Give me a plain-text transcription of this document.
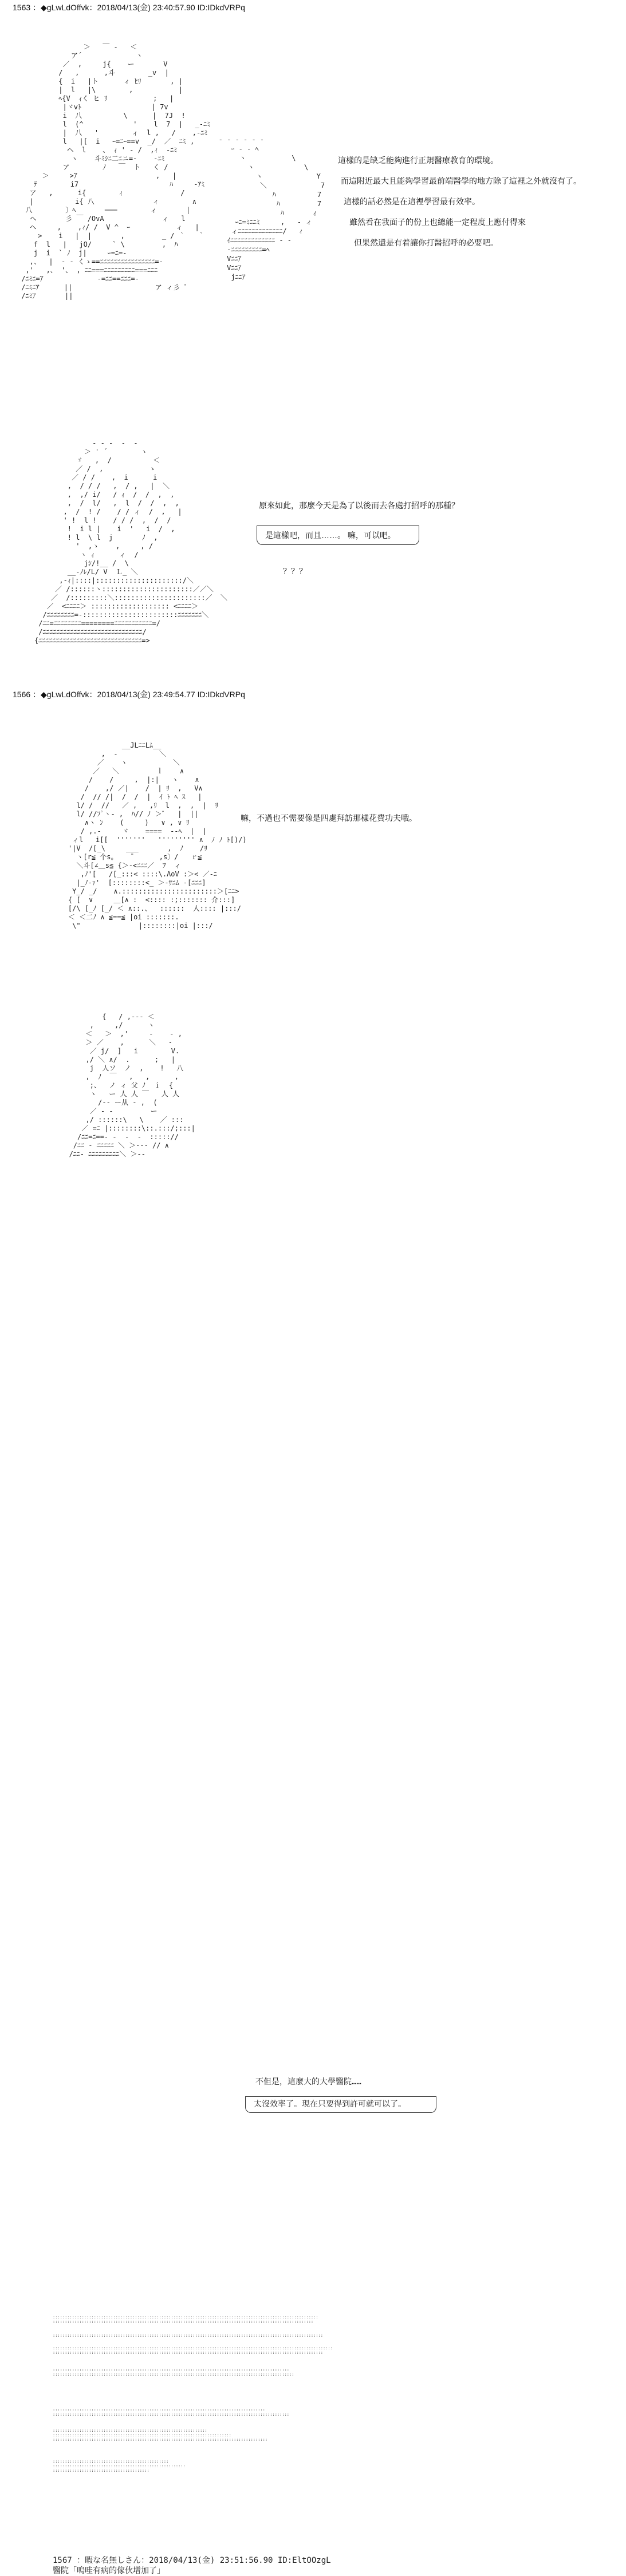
1563 ：◆gLwLdOffvk：2018/04/13(金) 23:40:57.90 ID:IDkdVRPq

＞   ￣ ‐   ＜
ア´             ヽ
／  ,     j{    ー       V
/   ,      ,斗        _v  |
{  i   |ト      ィ ﾋﾘ       , |
|  l   |\        ,           |
ﾍ{V  ｨく ヒ ﾘ           ;   |
|ヾvﾄ                 | 7v
i  八          \      |  7J  !
l  (^            '    l  7  |   _-ﾆﾐ
|  八   '        ィ  l ,   /    ,‐ﾆﾐ
l   |[  i   ｰ=ﾆｰ==v  _/  ／  ﾆﾐ ,
ヘ  l    、 ｨ ' ‐ /  ,ｨ  ‐ﾆﾐ
ヽ    斗ﾐｼﾆ二ﾆニ=‐    ‐ﾆﾐ
ア        ﾉ   ￣  ト   く /
＞     >ｱ                   ,   |
ﾃ        i7                      ﾊ     ‐ｱﾐ
ア   ,      i{        ｨ              /
|          i{ 八              ィ        ∧
八        〕ﾍ       ───        ィ       |
ヘ       彡 ￣ /OvA              ィ   l
ヘ     ,    ,ｨ/ /  V ^  ｰ           ィ   |
>    i   |  |       ,         _ / ｀   ｀
f  l   |   jO/     ` \         ,  ﾊ
j  i  ` ﾉ  j|     ｰ=ﾆ=‐
,、  |  ‐ ‐ くゝ==ﾆﾆﾆﾆﾆﾆﾆﾆﾆﾆﾆﾆﾆﾆﾆﾆ=‐
,'   ,、 '、 , ﾆﾆ===ﾆﾆﾆﾆﾆﾆﾆﾆﾆ===ﾆﾆﾆ
/ﾆﾐﾆ=ｱ             ‐=ﾆﾆ==ﾆﾆﾆ=‐
/ﾆﾐﾆｱ      ||                    ア ィ彡 ﾞ
/ﾆﾐｱ       ||

‐ ‐ ‐ ‐ ‐ ‐
ｰ ‐ ‐ ﾍ
ヽ           \
ヽ            \
ヽ             Y
＼             7
ﾊ          7
ﾊ         7
ﾊ       ｨ
ｰﾆ=ﾐﾆﾆﾐ     ,   ‐ ィ
ィﾆﾆﾆﾆﾆﾆﾆﾆﾆﾆﾆﾆﾆ/   ｨ
ｲﾆﾆﾆﾆﾆﾆﾆﾆﾆﾆﾆﾆﾆ ‐ ‐
‐ﾆﾆﾆﾆﾆﾆﾆﾆﾆ=ﾍ
Vﾆﾆｱ
Vﾆﾆｱ
jﾆﾆｱ

這樣的是缺乏能夠進行正規醫療教育的環境。
而這附近最大且能夠學習最前端醫學的地方除了這裡之外就沒有了。
這樣的話必然是在這裡學習最有效率。
雖然看在我面子的份上也總能一定程度上應付得來
但果然還是有着讓你打醫招呼的必要吧。

‐ ‐ ‐  ‐  ‐
＞ ' ´        ヽ
ゞ   ,  /          ＜
／ /  ,           ゝ
／ / /    ,  i      i
,  / / /   ,  / ,   |  ＼
,  ,/ i/   / ｨ  /  /  ,  ,
,  /  l/   ,  l  /  /  ,  ,
,  /  ! /    / / ィ  /  ,   |
' !  l !    / / /  ,  /  /
!  i l |    i  '   i  /  ,
! l  \ l  j       ﾉ  ,
'  ,ゝ    ,     , /
ヽ ｨ      ィ  /
jｼ/!__ /  \
__‐ﾉﾚ/L/ V  Ｌ_ ＼
,-ｨ|::::|:::::::::::::::::::::/＼
／ /::::::ヽ::::::::::::::::::::::／／＼
／  /:::::::::＼::::::::::::::::::::::／  ＼
／  <ﾆﾆﾆﾆ＞ ::::::::::::::::::: <ﾆﾆﾆﾆ＞
/ﾆﾆﾆﾆﾆﾆﾆﾆ=‐:::::::::::::::::::::::ﾆﾆﾆﾆﾆﾆﾆ＼
/ﾆﾆ=ﾆﾆﾆﾆﾆﾆﾆﾆ========ﾆﾆﾆﾆﾆﾆﾆﾆﾆﾆﾆ=/
/ﾆﾆﾆﾆﾆﾆﾆﾆﾆﾆﾆﾆﾆﾆﾆﾆﾆﾆﾆﾆﾆﾆﾆﾆﾆﾆﾆﾆﾆ/
{ﾆﾆﾆﾆﾆﾆﾆﾆﾆﾆﾆﾆﾆﾆﾆﾆﾆﾆﾆﾆﾆﾆﾆﾆﾆﾆﾆﾆﾆﾆ=>

原來如此，那麼今天是為了以後而去各處打招呼的那種？
是這樣吧，而且……。 嘛，可以吧。
？？？
1566 ：◆gLwLdOffvk：2018/04/13(金) 23:49:54.77 ID:IDkdVRPq

__JLﾆﾆLﾑ__
,  ‐          ＼
／    ヽ           ＼
／   ＼         ｌ    ∧
/    /     ,  |:|   ヽ    ∧
/    ,/ ／|    /  | ﾘ  ,   V∧
/  // /|  /  /  |  ｲ ﾄ ﾍ ｽ   |
l/ /  //   ／ ,   ,ﾘ  l  ,  ,  |  ﾘ
l/ //ﾌﾟヽ‐ ,  ﾊ// ﾉ ＞ﾞ   |  ||
∧ヽ ﾝ    (     )   ∨ , ∨ ﾘ
/ ,.‐     ヾ    ====  ‐‐ﾍ  |  |
ィl   i[[  '''''''   ''''''''' ∧  ﾉ ﾉ ﾄ[)/)
'|V  /[_\     ___       ,  ﾉ    /ﾘ
ヽ[r≦ 个s。   ̄       ,s〕/   ｒ≦
＼斗[∠＿s≦ {＞‐<ﾆﾆﾆ／  ﾌ  ィ
,ﾉ'[   /[_:::< ::::\.ΛoV :＞< ／‐ﾆ
|_ﾉ‐ｧ'  [::::::::<_ ＞‐ｻﾆﾑ ‐[ﾆﾆﾆ]
Y_/ _/    ∧.:::::::::::::::::::::::＞[ﾆﾆ>
{ [  ∨     ＿[∧ :  <:::: :;::::::: 介:::]
[/\ [_ﾉ [_/ ＜ ∧::.、  ::::::  人:::: |:::/
＜ ＜二ﾉ ∧ ≦==≦ |oi :::::::.
\"              |::::::::|oi |:::/

嘛，不過也不需要像是四處拜訪那樣花費功夫哦。

{   / ,‐‐‐ ＜
,     ,/      ヽ
＜   ＞  ,'     ‐    ‐ ,
＞ ／    ,      ＼   ‐
／ j/  ]   i        V.
,/ ＼ ∧/  .      ;   |
j  人ソ  ノ  ,    !   八
,  ﾉ  ￣   ,   ,      ,
;、  ノ ィ 父 ﾉ  ｉ  {
ヽ   ー 人 人 ￣   人 人
/‐‐ ー从 ‐ ,  (
／ ‐ ‐         ー
,/ ::::::\   \    ／ :::
／ =ﾆ |::::::::\::.:::/;:::|
/ﾆﾆ=ﾆ==‐ ‐  ‐  ‐  ::::://
/ﾆﾆ ‐ ﾆﾆﾆﾆﾆ ＼ ＞‐‐‐ // ∧
/ﾆﾆ‐ ﾆﾆﾆﾆﾆﾆﾆﾆﾆ＼ ＞‐‐

不但是，這麼大的大學醫院……

太沒效率了。現在只要得到許可就可以了。

::::::::::::::::::::::::::::::::::::::::::::::::::::::::::::::::::::::::::::::::::::::::::::::::::::::::::::::
::::::::::::::::::::::::::::::::::::::::::::::::::::::::::::::::::::::::::::::::::::::::::::::::::::::::::::

::::::::::::::::::::::::::::::::::::::::::::::::::::::::::::::::::::::::::::::::::::::::::::::::::::::::::::::::

::::::::::::::::::::::::::::::::::::::::::::::::::::::::::::::::::::::::::::::::::::::::::::::::::::::::::::::::::::
::::::::::::::::::::::::::::::::::::::::::::::::::::::::::::::::::::::::::::::::::::::::::::::::::::::::::::::::

::::::::::::::::::::::::::::::::::::::::::::::::::::::::::::::::::::::::::::::::::::::::::::::::::
::::::::::::::::::::::::::::::::::::::::::::::::::::::::::::::::::::::::::::::::::::::::::::::::::::

::::::::::::::::::::::::::::::::::::::::::::::::::::::::::::::::::::::::::::::::::::::::
::::::::::::::::::::::::::::::::::::::::::::::::::::::::::::::::::::::::::::::::::::::::::::::::::

::::::::::::::::::::::::::::::::::::::::::::::::::::::::::::::::
::::::::::::::::::::::::::::::::::::::::::::::::::::::::::::::::::::::::::
:::::::::::::::::::::::::::::::::::::::::::::::::::::::::::::::::::::::::::::::::::::::::

::::::::::::::::::::::::::::::::::::::::::::::::
:::::::::::::::::::::::::::::::::::::::::::::::::::::::
::::::::::::::::::::::::::::::::::::::::

1567 ：暇な名無しさん：2018/04/13(金) 23:51:56.90 ID:EltOOzgL

醫院「嗚哇有病的傢伙增加了」
